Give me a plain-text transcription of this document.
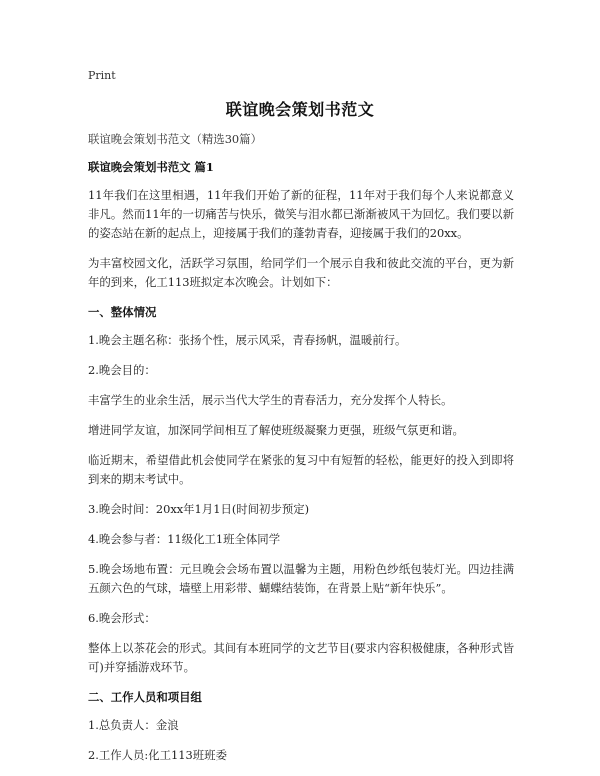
Print
联谊晚会策划书范文
联谊晚会策划书范文（精选30篇）
联谊晚会策划书范文 篇1
11年我们在这里相遇，11年我们开始了新的征程，11年对于我们每个人来说都意义非凡。然而11年的一切痛苦与快乐，微笑与泪水都已渐渐被风干为回忆。我们要以新的姿态站在新的起点上，迎接属于我们的蓬勃青春，迎接属于我们的20xx。
为丰富校园文化，活跃学习氛围，给同学们一个展示自我和彼此交流的平台，更为新年的到来，化工113班拟定本次晚会。计划如下：
一、整体情况
1.晚会主题名称：张扬个性，展示风采，青春扬帆，温暖前行。
2.晚会目的：
丰富学生的业余生活，展示当代大学生的青春活力，充分发挥个人特长。
增进同学友谊，加深同学间相互了解使班级凝聚力更强，班级气氛更和谐。
临近期末，希望借此机会使同学在紧张的复习中有短暂的轻松，能更好的投入到即将到来的期末考试中。
3.晚会时间：20xx年1月1日(时间初步预定)
4.晚会参与者：11级化工1班全体同学
5.晚会场地布置：元旦晚会会场布置以温馨为主题，用粉色纱纸包装灯光。四边挂满五颜六色的气球，墙壁上用彩带、蝴蝶结装饰，在背景上贴“新年快乐”。
6.晚会形式：
整体上以茶花会的形式。其间有本班同学的文艺节目(要求内容积极健康，各种形式皆可)并穿插游戏环节。
二、工作人员和项目组
1.总负责人：金浪
2.工作人员:化工113班班委
